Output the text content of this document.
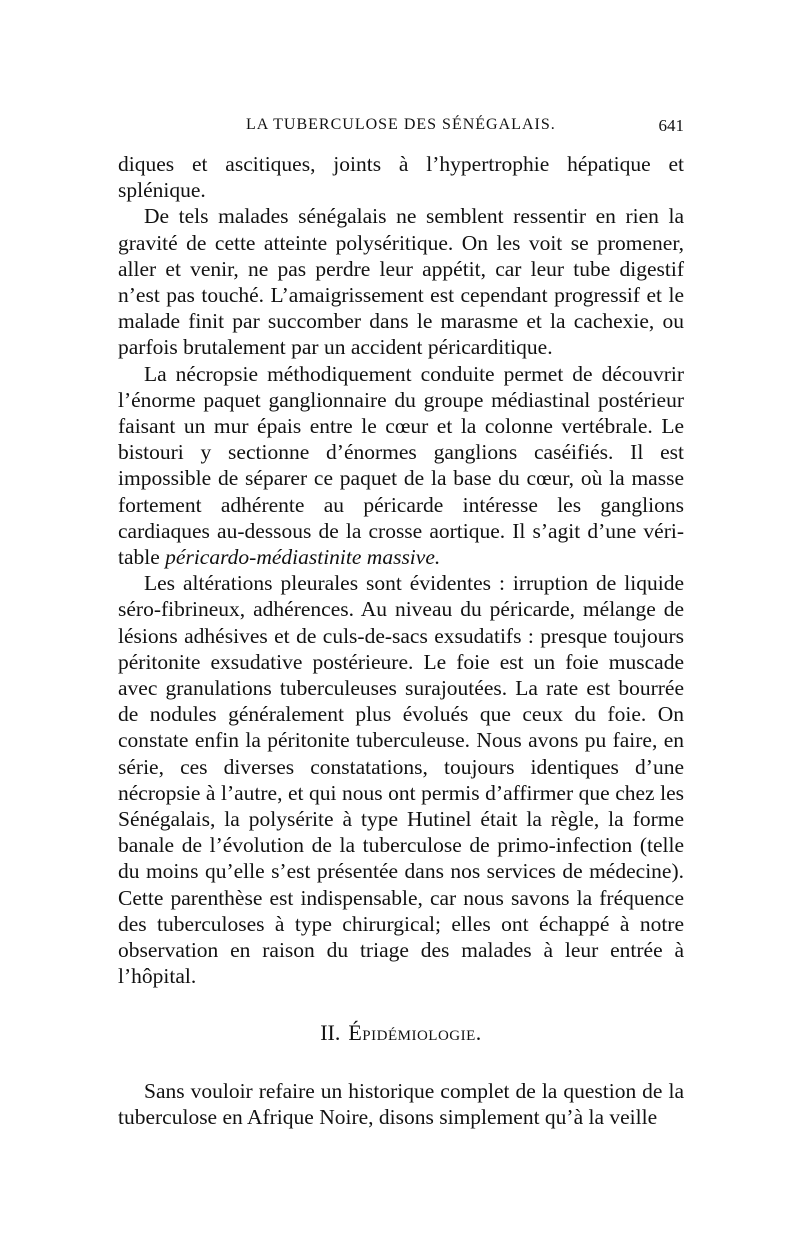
LA TUBERCULOSE DES SÉNÉGALAIS.	641

diques et ascitiques, joints à l’hypertrophie hépatique et splénique.

De tels malades sénégalais ne semblent ressentir en rien la gravité de cette atteinte polyséritique. On les voit se promener, aller et venir, ne pas perdre leur appétit, car leur tube digestif n’est pas touché. L’amaigrissement est cependant progressif et le malade finit par succomber dans le marasme et la cachexie, ou parfois brutalement par un accident péricarditique.

La nécropsie méthodiquement conduite permet de découvrir l’énorme paquet ganglionnaire du groupe médiastinal postérieur faisant un mur épais entre le cœur et la colonne vertébrale. Le bistouri y sectionne d’énormes ganglions caséifiés. Il est impossible de séparer ce paquet de la base du cœur, où la masse fortement adhérente au péricarde intéresse les ganglions cardiaques au-dessous de la crosse aortique. Il s’agit d’une véritable péricardo-médiastinite massive.

Les altérations pleurales sont évidentes : irruption de liquide séro-fibrineux, adhérences. Au niveau du péricarde, mélange de lésions adhésives et de culs-de-sacs exsudatifs : presque toujours péritonite exsudative postérieure. Le foie est un foie muscade avec granulations tuberculeuses surajoutées. La rate est bourrée de nodules généralement plus évolués que ceux du foie. On constate enfin la péritonite tuberculeuse. Nous avons pu faire, en série, ces diverses constatations, toujours identiques d’une nécropsie à l’autre, et qui nous ont permis d’affirmer que chez les Sénégalais, la polysérite à type Hutinel était la règle, la forme banale de l’évolution de la tuberculose de primo-infection (telle du moins qu’elle s’est présentée dans nos services de médecine). Cette parenthèse est indispensable, car nous savons la fréquence des tuberculoses à type chirurgical; elles ont échappé à notre observation en raison du triage des malades à leur entrée à l’hôpital.

II. Épidémiologie.

Sans vouloir refaire un historique complet de la question de la tuberculose en Afrique Noire, disons simplement qu’à la veille
